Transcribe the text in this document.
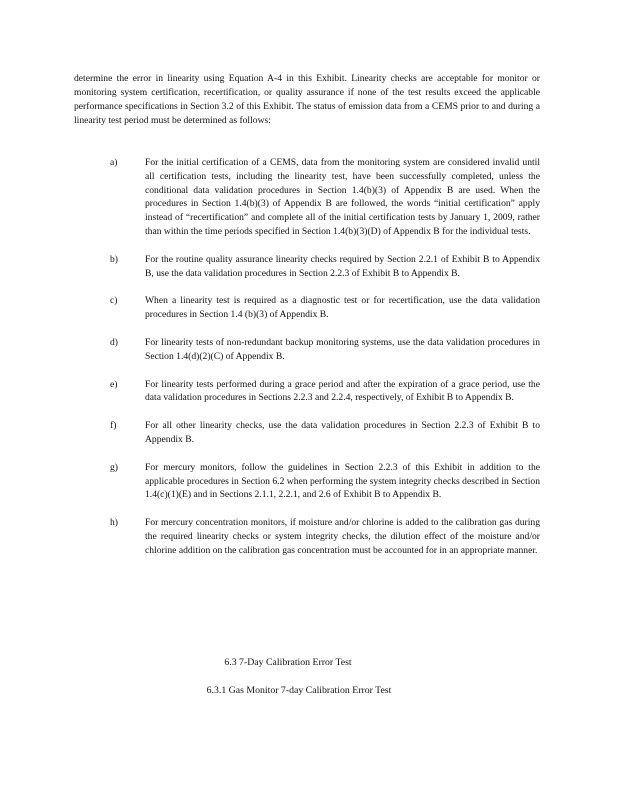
determine the error in linearity using Equation A-4 in this Exhibit. Linearity checks are acceptable for monitor or monitoring system certification, recertification, or quality assurance if none of the test results exceed the applicable performance specifications in Section 3.2 of this Exhibit. The status of emission data from a CEMS prior to and during a linearity test period must be determined as follows:

a)	For the initial certification of a CEMS, data from the monitoring system are considered invalid until all certification tests, including the linearity test, have been successfully completed, unless the conditional data validation procedures in Section 1.4(b)(3) of Appendix B are used. When the procedures in Section 1.4(b)(3) of Appendix B are followed, the words “initial certification” apply instead of “recertification” and complete all of the initial certification tests by January 1, 2009, rather than within the time periods specified in Section 1.4(b)(3)(D) of Appendix B for the individual tests.

b)	For the routine quality assurance linearity checks required by Section 2.2.1 of Exhibit B to Appendix B, use the data validation procedures in Section 2.2.3 of Exhibit B to Appendix B.

c)	When a linearity test is required as a diagnostic test or for recertification, use the data validation procedures in Section 1.4 (b)(3) of Appendix B.

d)	For linearity tests of non-redundant backup monitoring systems, use the data validation procedures in Section 1.4(d)(2)(C) of Appendix B.

e)	For linearity tests performed during a grace period and after the expiration of a grace period, use the data validation procedures in Sections 2.2.3 and 2.2.4, respectively, of Exhibit B to Appendix B.

f)	For all other linearity checks, use the data validation procedures in Section 2.2.3 of Exhibit B to Appendix B.

g)	For mercury monitors, follow the guidelines in Section 2.2.3 of this Exhibit in addition to the applicable procedures in Section 6.2 when performing the system integrity checks described in Section 1.4(c)(1)(E) and in Sections 2.1.1, 2.2.1, and 2.6 of Exhibit B to Appendix B.

h)	For mercury concentration monitors, if moisture and/or chlorine is added to the calibration gas during the required linearity checks or system integrity checks, the dilution effect of the moisture and/or chlorine addition on the calibration gas concentration must be accounted for in an appropriate manner.

6.3 7-Day Calibration Error Test

6.3.1 Gas Monitor 7-day Calibration Error Test
